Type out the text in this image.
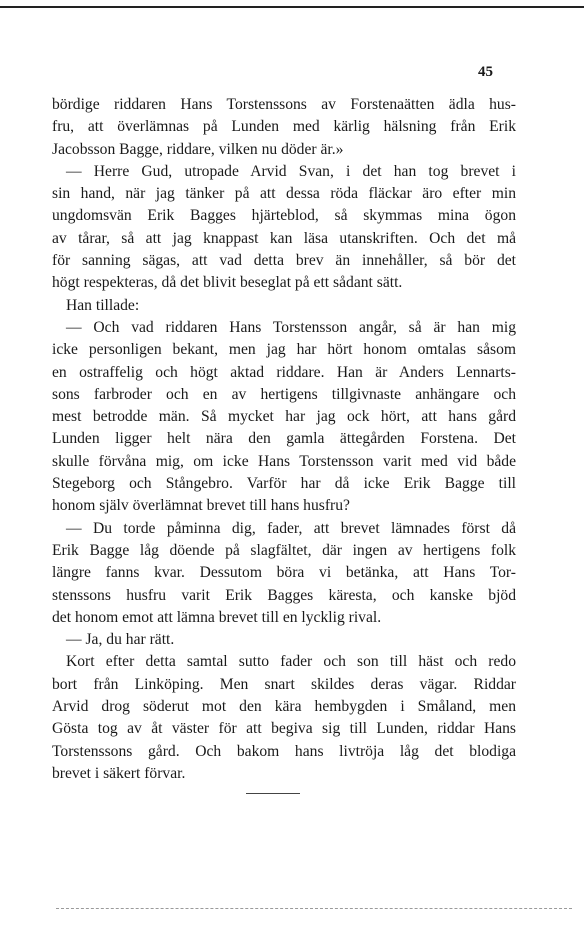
45
bördige riddaren Hans Torstenssons av Forstenaätten ädla hus-
fru, att överlämnas på Lunden med kärlig hälsning från Erik
Jacobsson Bagge, riddare, vilken nu döder är.»
— Herre Gud, utropade Arvid Svan, i det han tog brevet i
sin hand, när jag tänker på att dessa röda fläckar äro efter min
ungdomsvän Erik Bagges hjärteblod, så skymmas mina ögon
av tårar, så att jag knappast kan läsa utanskriften. Och det må
för sanning sägas, att vad detta brev än innehåller, så bör det
högt respekteras, då det blivit beseglat på ett sådant sätt.
Han tillade:
— Och vad riddaren Hans Torstensson angår, så är han mig
icke personligen bekant, men jag har hört honom omtalas såsom
en ostraffelig och högt aktad riddare. Han är Anders Lennarts-
sons farbroder och en av hertigens tillgivnaste anhängare och
mest betrodde män. Så mycket har jag ock hört, att hans gård
Lunden ligger helt nära den gamla ättegården Forstena. Det
skulle förvåna mig, om icke Hans Torstensson varit med vid både
Stegeborg och Stångebro. Varför har då icke Erik Bagge till
honom själv överlämnat brevet till hans husfru?
— Du torde påminna dig, fader, att brevet lämnades först då
Erik Bagge låg döende på slagfältet, där ingen av hertigens folk
längre fanns kvar. Dessutom böra vi betänka, att Hans Tor-
stenssons husfru varit Erik Bagges käresta, och kanske bjöd
det honom emot att lämna brevet till en lycklig rival.
— Ja, du har rätt.
Kort efter detta samtal sutto fader och son till häst och redo
bort från Linköping. Men snart skildes deras vägar. Riddar
Arvid drog söderut mot den kära hembygden i Småland, men
Gösta tog av åt väster för att begiva sig till Lunden, riddar Hans
Torstenssons gård. Och bakom hans livtröja låg det blodiga
brevet i säkert förvar.
